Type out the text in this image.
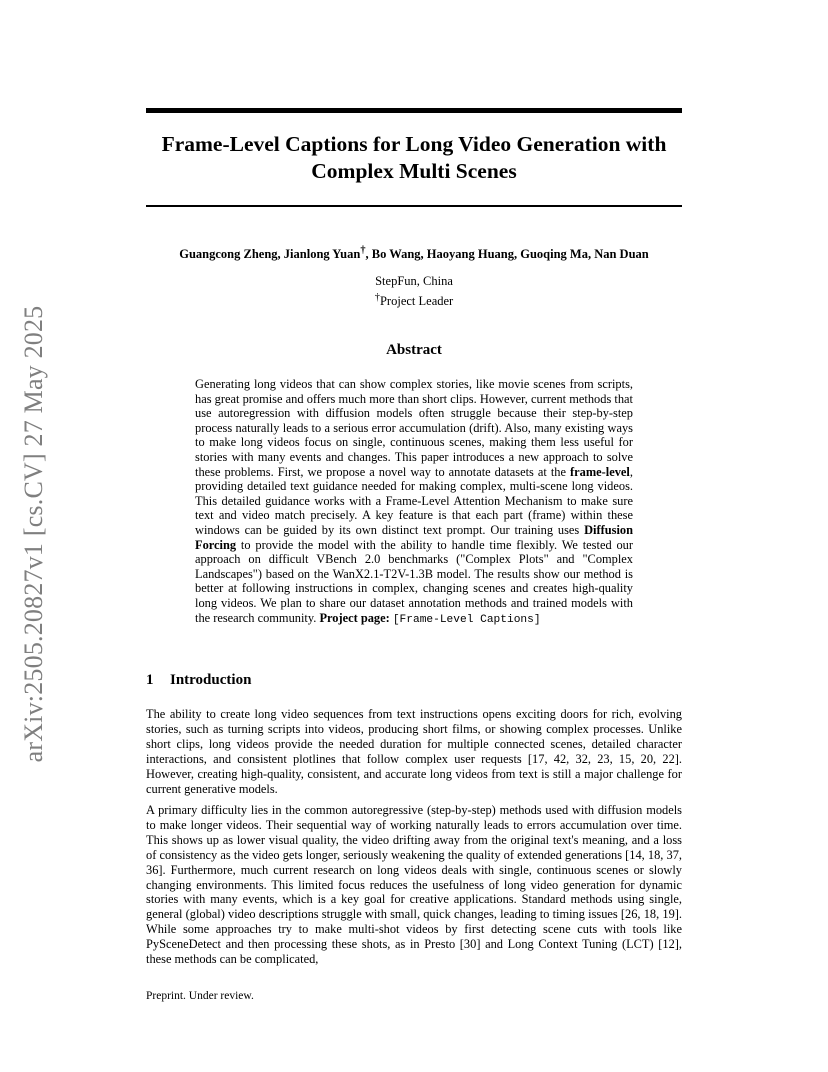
arXiv:2505.20827v1 [cs.CV] 27 May 2025
Frame-Level Captions for Long Video Generation with Complex Multi Scenes
Guangcong Zheng, Jianlong Yuan†, Bo Wang, Haoyang Huang, Guoqing Ma, Nan Duan
StepFun, China
†Project Leader
Abstract
Generating long videos that can show complex stories, like movie scenes from scripts, has great promise and offers much more than short clips. However, current methods that use autoregression with diffusion models often struggle because their step-by-step process naturally leads to a serious error accumulation (drift). Also, many existing ways to make long videos focus on single, continuous scenes, making them less useful for stories with many events and changes. This paper introduces a new approach to solve these problems. First, we propose a novel way to annotate datasets at the frame-level, providing detailed text guidance needed for making complex, multi-scene long videos. This detailed guidance works with a Frame-Level Attention Mechanism to make sure text and video match precisely. A key feature is that each part (frame) within these windows can be guided by its own distinct text prompt. Our training uses Diffusion Forcing to provide the model with the ability to handle time flexibly. We tested our approach on difficult VBench 2.0 benchmarks ("Complex Plots" and "Complex Landscapes") based on the WanX2.1-T2V-1.3B model. The results show our method is better at following instructions in complex, changing scenes and creates high-quality long videos. We plan to share our dataset annotation methods and trained models with the research community. Project page: [Frame-Level Captions]
1 Introduction
The ability to create long video sequences from text instructions opens exciting doors for rich, evolving stories, such as turning scripts into videos, producing short films, or showing complex processes. Unlike short clips, long videos provide the needed duration for multiple connected scenes, detailed character interactions, and consistent plotlines that follow complex user requests [17, 42, 32, 23, 15, 20, 22]. However, creating high-quality, consistent, and accurate long videos from text is still a major challenge for current generative models.
A primary difficulty lies in the common autoregressive (step-by-step) methods used with diffusion models to make longer videos. Their sequential way of working naturally leads to errors accumulation over time. This shows up as lower visual quality, the video drifting away from the original text's meaning, and a loss of consistency as the video gets longer, seriously weakening the quality of extended generations [14, 18, 37, 36]. Furthermore, much current research on long videos deals with single, continuous scenes or slowly changing environments. This limited focus reduces the usefulness of long video generation for dynamic stories with many events, which is a key goal for creative applications. Standard methods using single, general (global) video descriptions struggle with small, quick changes, leading to timing issues [26, 18, 19]. While some approaches try to make multi-shot videos by first detecting scene cuts with tools like PySceneDetect and then processing these shots, as in Presto [30] and Long Context Tuning (LCT) [12], these methods can be complicated,
Preprint. Under review.
